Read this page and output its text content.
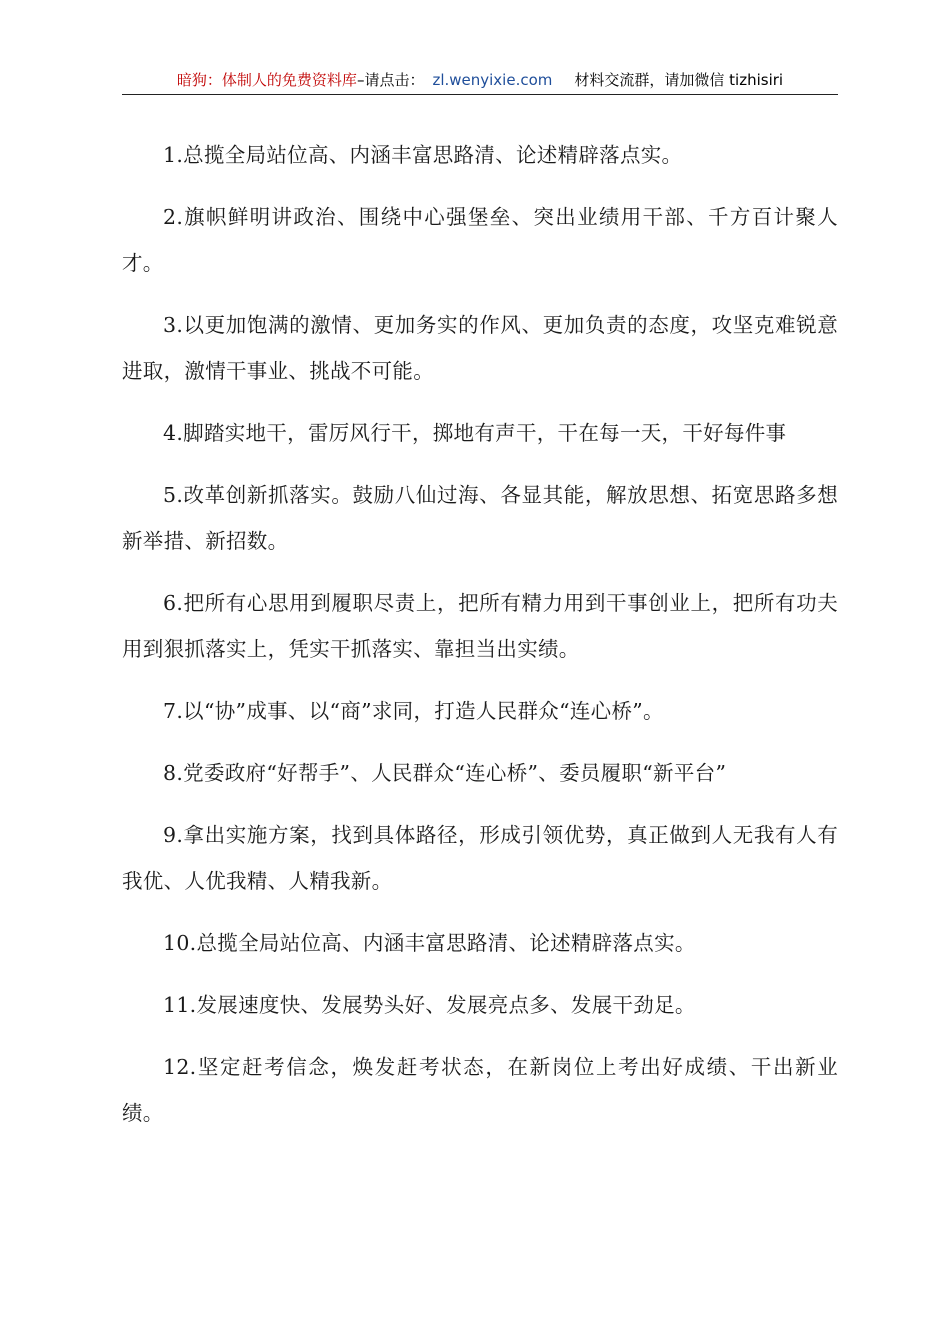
暗狗：体制人的免费资料库–请点击： zl.wenyixie.com 材料交流群，请加微信 tizhisiri

1.总揽全局站位高、内涵丰富思路清、论述精辟落点实。

2.旗帜鲜明讲政治、围绕中心强堡垒、突出业绩用干部、千方百计聚人才。

3.以更加饱满的激情、更加务实的作风、更加负责的态度，攻坚克难锐意进取，激情干事业、挑战不可能。

4.脚踏实地干，雷厉风行干，掷地有声干，干在每一天，干好每件事

5.改革创新抓落实。鼓励八仙过海、各显其能，解放思想、拓宽思路多想新举措、新招数。

6.把所有心思用到履职尽责上，把所有精力用到干事创业上，把所有功夫用到狠抓落实上，凭实干抓落实、靠担当出实绩。

7.以“协”成事、以“商”求同，打造人民群众“连心桥”。

8.党委政府“好帮手”、人民群众“连心桥”、委员履职“新平台”

9.拿出实施方案，找到具体路径，形成引领优势，真正做到人无我有人有我优、人优我精、人精我新。

10.总揽全局站位高、内涵丰富思路清、论述精辟落点实。

11.发展速度快、发展势头好、发展亮点多、发展干劲足。

12.坚定赶考信念，焕发赶考状态，在新岗位上考出好成绩、干出新业绩。
